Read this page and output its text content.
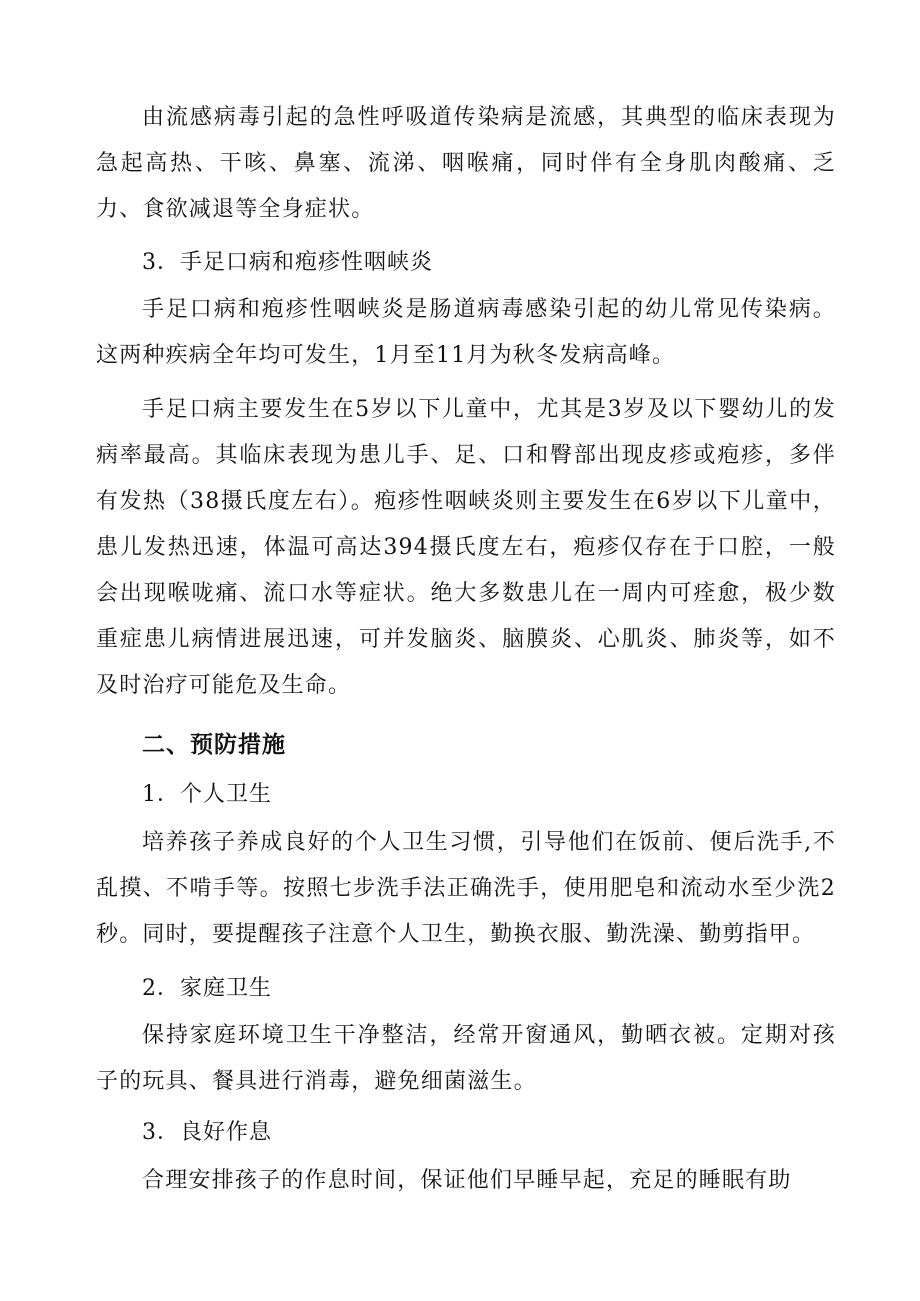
由流感病毒引起的急性呼吸道传染病是流感，其典型的临床表现为急起高热、干咳、鼻塞、流涕、咽喉痛，同时伴有全身肌肉酸痛、乏力、食欲减退等全身症状。

3．手足口病和疱疹性咽峡炎

手足口病和疱疹性咽峡炎是肠道病毒感染引起的幼儿常见传染病。这两种疾病全年均可发生，1月至11月为秋冬发病高峰。

手足口病主要发生在5岁以下儿童中，尤其是3岁及以下婴幼儿的发病率最高。其临床表现为患儿手、足、口和臀部出现皮疹或疱疹，多伴有发热（38摄氏度左右）。疱疹性咽峡炎则主要发生在6岁以下儿童中，患儿发热迅速，体温可高达394摄氏度左右，疱疹仅存在于口腔，一般会出现喉咙痛、流口水等症状。绝大多数患儿在一周内可痊愈，极少数重症患儿病情进展迅速，可并发脑炎、脑膜炎、心肌炎、肺炎等，如不及时治疗可能危及生命。

二、预防措施

1．个人卫生

培养孩子养成良好的个人卫生习惯，引导他们在饭前、便后洗手,不乱摸、不啃手等。按照七步洗手法正确洗手，使用肥皂和流动水至少洗2秒。同时，要提醒孩子注意个人卫生，勤换衣服、勤洗澡、勤剪指甲。

2．家庭卫生

保持家庭环境卫生干净整洁，经常开窗通风，勤晒衣被。定期对孩子的玩具、餐具进行消毒，避免细菌滋生。

3．良好作息

合理安排孩子的作息时间，保证他们早睡早起，充足的睡眠有助
